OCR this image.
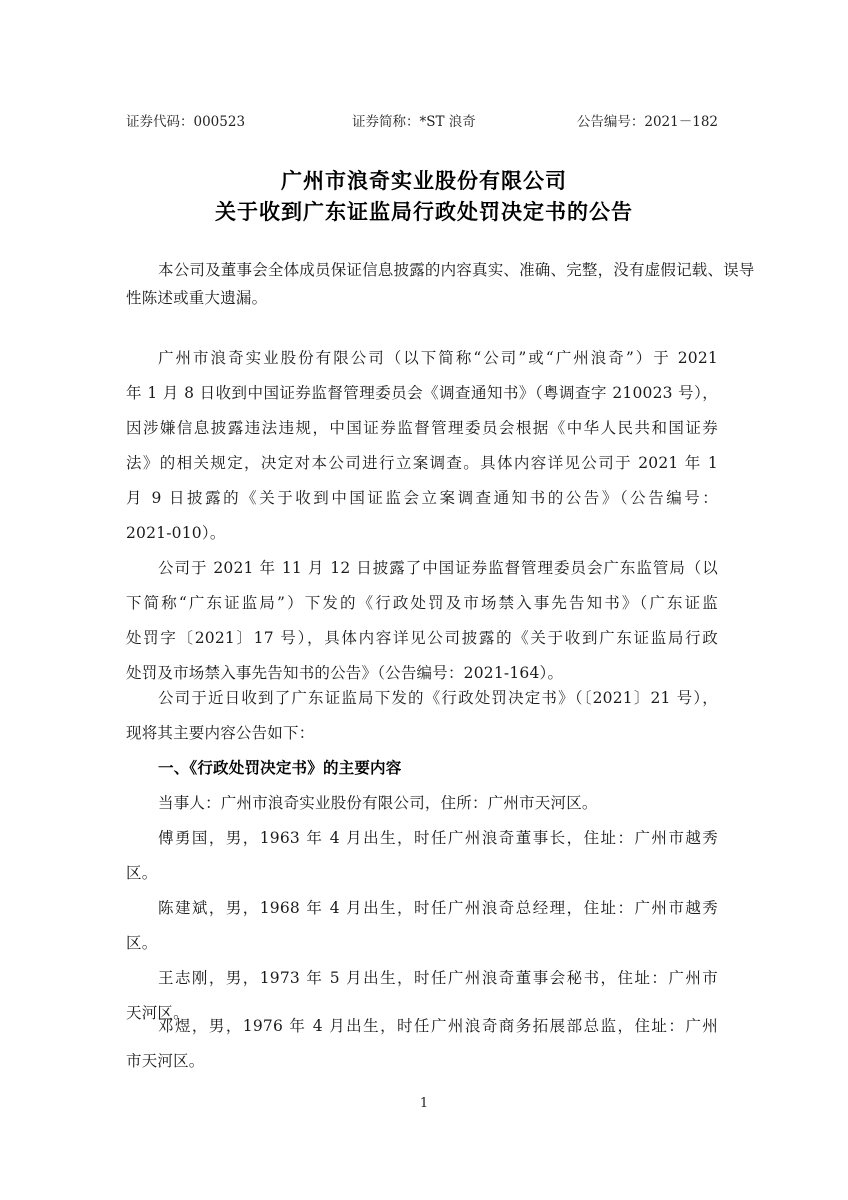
证券代码：000523	证券简称：*ST 浪奇	公告编号：2021－182
广州市浪奇实业股份有限公司
关于收到广东证监局行政处罚决定书的公告
本公司及董事会全体成员保证信息披露的内容真实、准确、完整，没有虚假记载、误导
性陈述或重大遗漏。
广州市浪奇实业股份有限公司（以下简称“公司”或“广州浪奇”）于 2021
年 1 月 8 日收到中国证券监督管理委员会《调查通知书》（粤调查字 210023 号），
因涉嫌信息披露违法违规，中国证券监督管理委员会根据《中华人民共和国证券
法》的相关规定，决定对本公司进行立案调查。具体内容详见公司于 2021 年 1
月 9 日披露的《关于收到中国证监会立案调查通知书的公告》（公告编号：
2021-010）。
公司于 2021 年 11 月 12 日披露了中国证券监督管理委员会广东监管局（以
下简称“广东证监局”）下发的《行政处罚及市场禁入事先告知书》（广东证监
处罚字〔2021〕17 号），具体内容详见公司披露的《关于收到广东证监局行政
处罚及市场禁入事先告知书的公告》（公告编号：2021-164）。
公司于近日收到了广东证监局下发的《行政处罚决定书》（〔2021〕21 号），
现将其主要内容公告如下：
一、《行政处罚决定书》的主要内容
当事人：广州市浪奇实业股份有限公司，住所：广州市天河区。
傅勇国，男，1963 年 4 月出生，时任广州浪奇董事长，住址：广州市越秀
区。
陈建斌，男，1968 年 4 月出生，时任广州浪奇总经理，住址：广州市越秀
区。
王志刚，男，1973 年 5 月出生，时任广州浪奇董事会秘书，住址：广州市
天河区。
邓煜，男，1976 年 4 月出生，时任广州浪奇商务拓展部总监，住址：广州
市天河区。
1
